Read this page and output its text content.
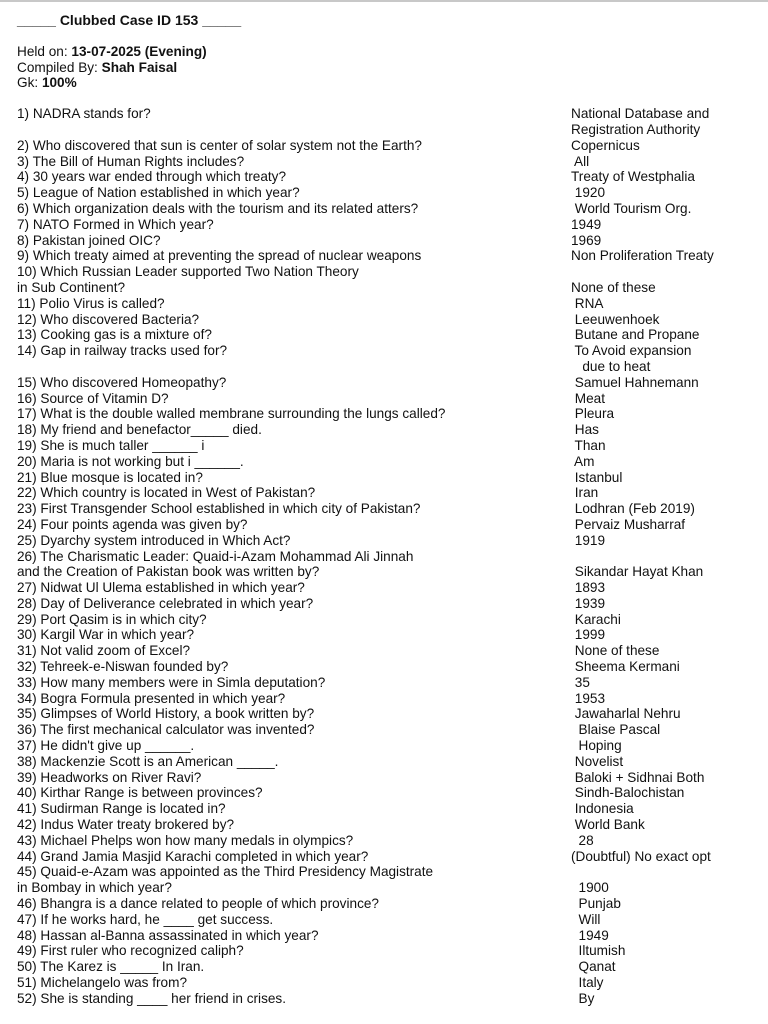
_____ Clubbed Case ID 153 _____
Held on: 13-07-2025 (Evening)
Compiled By: Shah Faisal
Gk: 100%
1) NADRA stands for?
	National Database and
Registration Authority
2) Who discovered that sun is center of solar system not the Earth?	Copernicus
3) The Bill of Human Rights includes?	All
4) 30 years war ended through which treaty?	Treaty of Westphalia
5) League of Nation established in which year?	1920
6) Which organization deals with the tourism and its related atters?	World Tourism Org.
7) NATO Formed in Which year?	1949
8) Pakistan joined OIC?	1969
9) Which treaty aimed at preventing the spread of nuclear weapons	Non Proliferation Treaty
10) Which Russian Leader supported Two Nation Theory
in Sub Continent?
	None of these
11) Polio Virus is called?	RNA
12) Who discovered Bacteria?	Leeuwenhoek
13) Cooking gas is a mixture of?	Butane and Propane
14) Gap in railway tracks used for?
	To Avoid expansion
due to heat
15) Who discovered Homeopathy?	Samuel Hahnemann
16) Source of Vitamin D?	Meat
17) What is the double walled membrane surrounding the lungs called?	Pleura
18) My friend and benefactor_____ died.	Has
19) She is much taller ______ i	Than
20) Maria is not working but i ______.	Am
21) Blue mosque is located in?	Istanbul
22) Which country is located in West of Pakistan?	Iran
23) First Transgender School established in which city of Pakistan?	Lodhran (Feb 2019)
24) Four points agenda was given by?	Pervaiz Musharraf
25) Dyarchy system introduced in Which Act?	1919
26) The Charismatic Leader: Quaid-i-Azam Mohammad Ali Jinnah
and the Creation of Pakistan book was written by?
	Sikandar Hayat Khan
27) Nidwat Ul Ulema established in which year?	1893
28) Day of Deliverance celebrated in which year?	1939
29) Port Qasim is in which city?	Karachi
30) Kargil War in which year?	1999
31) Not valid zoom of Excel?	None of these
32) Tehreek-e-Niswan founded by?	Sheema Kermani
33) How many members were in Simla deputation?	35
34) Bogra Formula presented in which year?	1953
35) Glimpses of World History, a book written by?	Jawaharlal Nehru
36) The first mechanical calculator was invented?	Blaise Pascal
37) He didn't give up ______.	Hoping
38) Mackenzie Scott is an American _____.	Novelist
39) Headworks on River Ravi?	Baloki + Sidhnai Both
40) Kirthar Range is between provinces?	Sindh-Balochistan
41) Sudirman Range is located in?	Indonesia
42) Indus Water treaty brokered by?	World Bank
43) Michael Phelps won how many medals in olympics?	28
44) Grand Jamia Masjid Karachi completed in which year?	(Doubtful) No exact opt
45) Quaid-e-Azam was appointed as the Third Presidency Magistrate
in Bombay in which year?
	1900
46) Bhangra is a dance related to people of which province?	Punjab
47) If he works hard, he ____ get success.	Will
48) Hassan al-Banna assassinated in which year?	1949
49) First ruler who recognized caliph?	Iltumish
50) The Karez is _____ In Iran.	Qanat
51) Michelangelo was from?	Italy
52) She is standing ____ her friend in crises.	By
